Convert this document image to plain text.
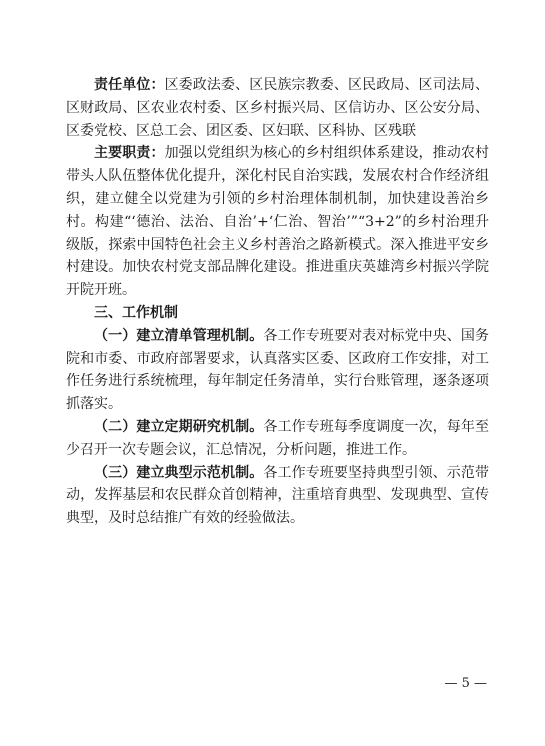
责任单位：区委政法委、区民族宗教委、区民政局、区司法局、区财政局、区农业农村委、区乡村振兴局、区信访办、区公安分局、区委党校、区总工会、团区委、区妇联、区科协、区残联

主要职责：加强以党组织为核心的乡村组织体系建设，推动农村带头人队伍整体优化提升，深化村民自治实践，发展农村合作经济组织，建立健全以党建为引领的乡村治理体制机制，加快建设善治乡村。构建“‘德治、法治、自治’+‘仁治、智治’”“3+2”的乡村治理升级版，探索中国特色社会主义乡村善治之路新模式。深入推进平安乡村建设。加快农村党支部品牌化建设。推进重庆英雄湾乡村振兴学院开院开班。

三、工作机制

（一）建立清单管理机制。各工作专班要对表对标党中央、国务院和市委、市政府部署要求，认真落实区委、区政府工作安排，对工作任务进行系统梳理，每年制定任务清单，实行台账管理，逐条逐项抓落实。

（二）建立定期研究机制。各工作专班每季度调度一次，每年至少召开一次专题会议，汇总情况，分析问题，推进工作。

（三）建立典型示范机制。各工作专班要坚持典型引领、示范带动，发挥基层和农民群众首创精神，注重培育典型、发现典型、宣传典型，及时总结推广有效的经验做法。

— 5 —
